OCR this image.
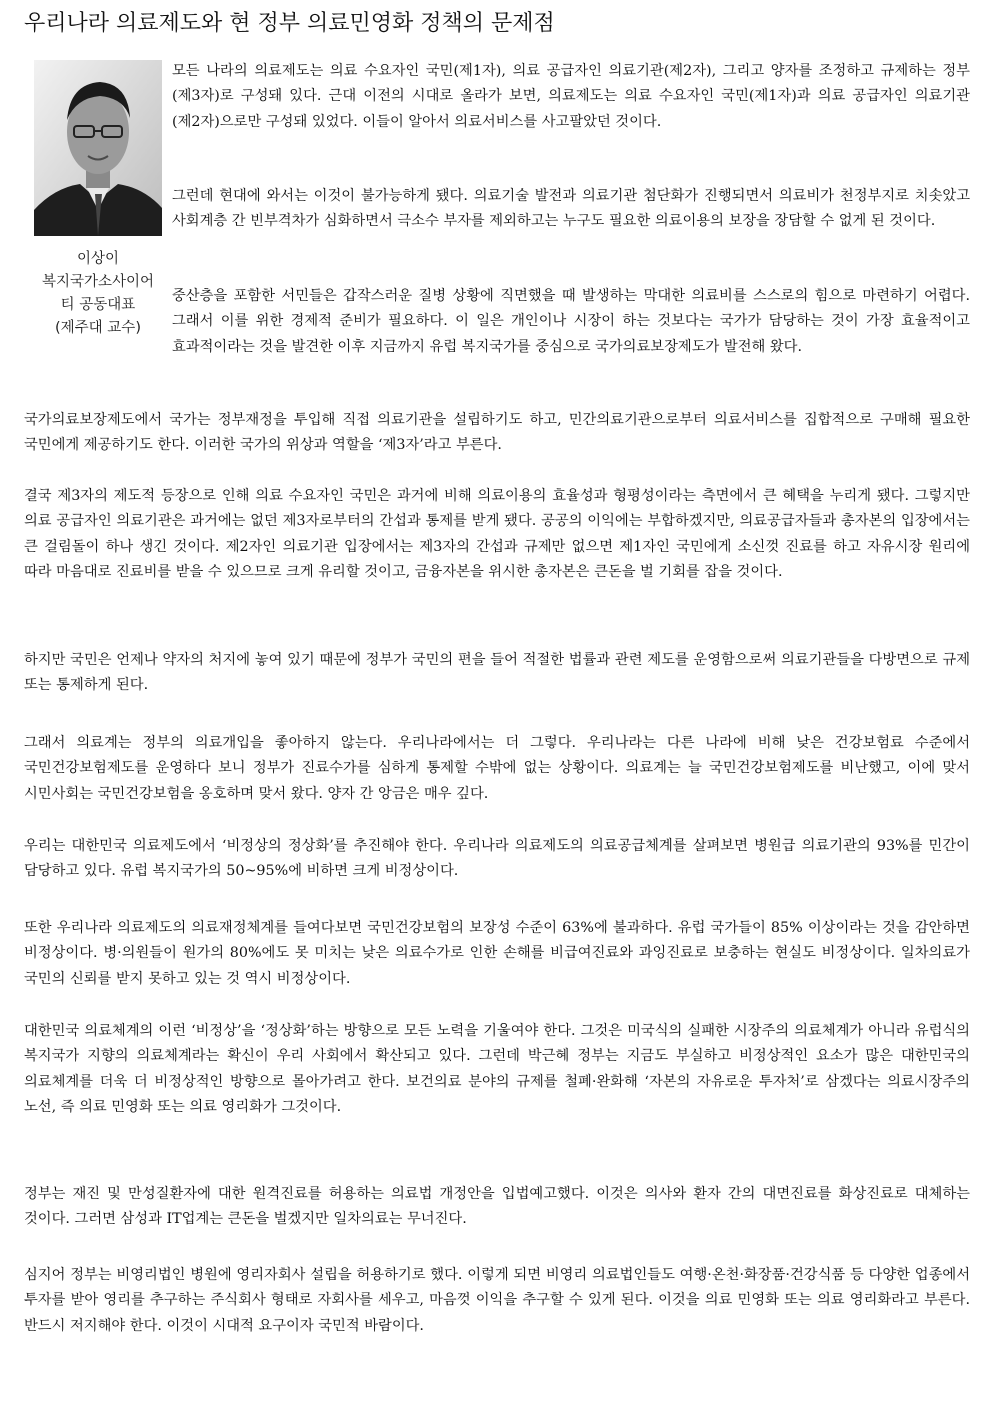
우리나라 의료제도와 현 정부 의료민영화 정책의 문제점
이상이
복지국가소사이어
티 공동대표
(제주대 교수)

모든 나라의 의료제도는 의료 수요자인 국민(제1자), 의료 공급자인 의료기관(제2자), 그리고 양자를 조정하고 규제하는 정부(제3자)로 구성돼 있다. 근대 이전의 시대로 올라가 보면, 의료제도는 의료 수요자인 국민(제1자)과 의료 공급자인 의료기관(제2자)으로만 구성돼 있었다. 이들이 알아서 의료서비스를 사고팔았던 것이다.

그런데 현대에 와서는 이것이 불가능하게 됐다. 의료기술 발전과 의료기관 첨단화가 진행되면서 의료비가 천정부지로 치솟았고 사회계층 간 빈부격차가 심화하면서 극소수 부자를 제외하고는 누구도 필요한 의료이용의 보장을 장담할 수 없게 된 것이다.

중산층을 포함한 서민들은 갑작스러운 질병 상황에 직면했을 때 발생하는 막대한 의료비를 스스로의 힘으로 마련하기 어렵다. 그래서 이를 위한 경제적 준비가 필요하다. 이 일은 개인이나 시장이 하는 것보다는 국가가 담당하는 것이 가장 효율적이고 효과적이라는 것을 발견한 이후 지금까지 유럽 복지국가를 중심으로 국가의료보장제도가 발전해 왔다.

국가의료보장제도에서 국가는 정부재정을 투입해 직접 의료기관을 설립하기도 하고, 민간의료기관으로부터 의료서비스를 집합적으로 구매해 필요한 국민에게 제공하기도 한다. 이러한 국가의 위상과 역할을 ‘제3자’라고 부른다.

결국 제3자의 제도적 등장으로 인해 의료 수요자인 국민은 과거에 비해 의료이용의 효율성과 형평성이라는 측면에서 큰 혜택을 누리게 됐다. 그렇지만 의료 공급자인 의료기관은 과거에는 없던 제3자로부터의 간섭과 통제를 받게 됐다. 공공의 이익에는 부합하겠지만, 의료공급자들과 총자본의 입장에서는 큰 걸림돌이 하나 생긴 것이다. 제2자인 의료기관 입장에서는 제3자의 간섭과 규제만 없으면 제1자인 국민에게 소신껏 진료를 하고 자유시장 원리에 따라 마음대로 진료비를 받을 수 있으므로 크게 유리할 것이고, 금융자본을 위시한 총자본은 큰돈을 벌 기회를 잡을 것이다.

하지만 국민은 언제나 약자의 처지에 놓여 있기 때문에 정부가 국민의 편을 들어 적절한 법률과 관련 제도를 운영함으로써 의료기관들을 다방면으로 규제 또는 통제하게 된다.

그래서 의료계는 정부의 의료개입을 좋아하지 않는다. 우리나라에서는 더 그렇다. 우리나라는 다른 나라에 비해 낮은 건강보험료 수준에서 국민건강보험제도를 운영하다 보니 정부가 진료수가를 심하게 통제할 수밖에 없는 상황이다. 의료계는 늘 국민건강보험제도를 비난했고, 이에 맞서 시민사회는 국민건강보험을 옹호하며 맞서 왔다. 양자 간 앙금은 매우 깊다.

우리는 대한민국 의료제도에서 ‘비정상의 정상화’를 추진해야 한다. 우리나라 의료제도의 의료공급체계를 살펴보면 병원급 의료기관의 93%를 민간이 담당하고 있다. 유럽 복지국가의 50~95%에 비하면 크게 비정상이다.

또한 우리나라 의료제도의 의료재정체계를 들여다보면 국민건강보험의 보장성 수준이 63%에 불과하다. 유럽 국가들이 85% 이상이라는 것을 감안하면 비정상이다. 병·의원들이 원가의 80%에도 못 미치는 낮은 의료수가로 인한 손해를 비급여진료와 과잉진료로 보충하는 현실도 비정상이다. 일차의료가 국민의 신뢰를 받지 못하고 있는 것 역시 비정상이다.

대한민국 의료체계의 이런 ‘비정상’을 ‘정상화’하는 방향으로 모든 노력을 기울여야 한다. 그것은 미국식의 실패한 시장주의 의료체계가 아니라 유럽식의 복지국가 지향의 의료체계라는 확신이 우리 사회에서 확산되고 있다. 그런데 박근혜 정부는 지금도 부실하고 비정상적인 요소가 많은 대한민국의 의료체계를 더욱 더 비정상적인 방향으로 몰아가려고 한다. 보건의료 분야의 규제를 철폐·완화해 ‘자본의 자유로운 투자처’로 삼겠다는 의료시장주의 노선, 즉 의료 민영화 또는 의료 영리화가 그것이다.

정부는 재진 및 만성질환자에 대한 원격진료를 허용하는 의료법 개정안을 입법예고했다. 이것은 의사와 환자 간의 대면진료를 화상진료로 대체하는 것이다. 그러면 삼성과 IT업계는 큰돈을 벌겠지만 일차의료는 무너진다.

심지어 정부는 비영리법인 병원에 영리자회사 설립을 허용하기로 했다. 이렇게 되면 비영리 의료법인들도 여행·온천·화장품·건강식품 등 다양한 업종에서 투자를 받아 영리를 추구하는 주식회사 형태로 자회사를 세우고, 마음껏 이익을 추구할 수 있게 된다. 이것을 의료 민영화 또는 의료 영리화라고 부른다. 반드시 저지해야 한다. 이것이 시대적 요구이자 국민적 바람이다.
